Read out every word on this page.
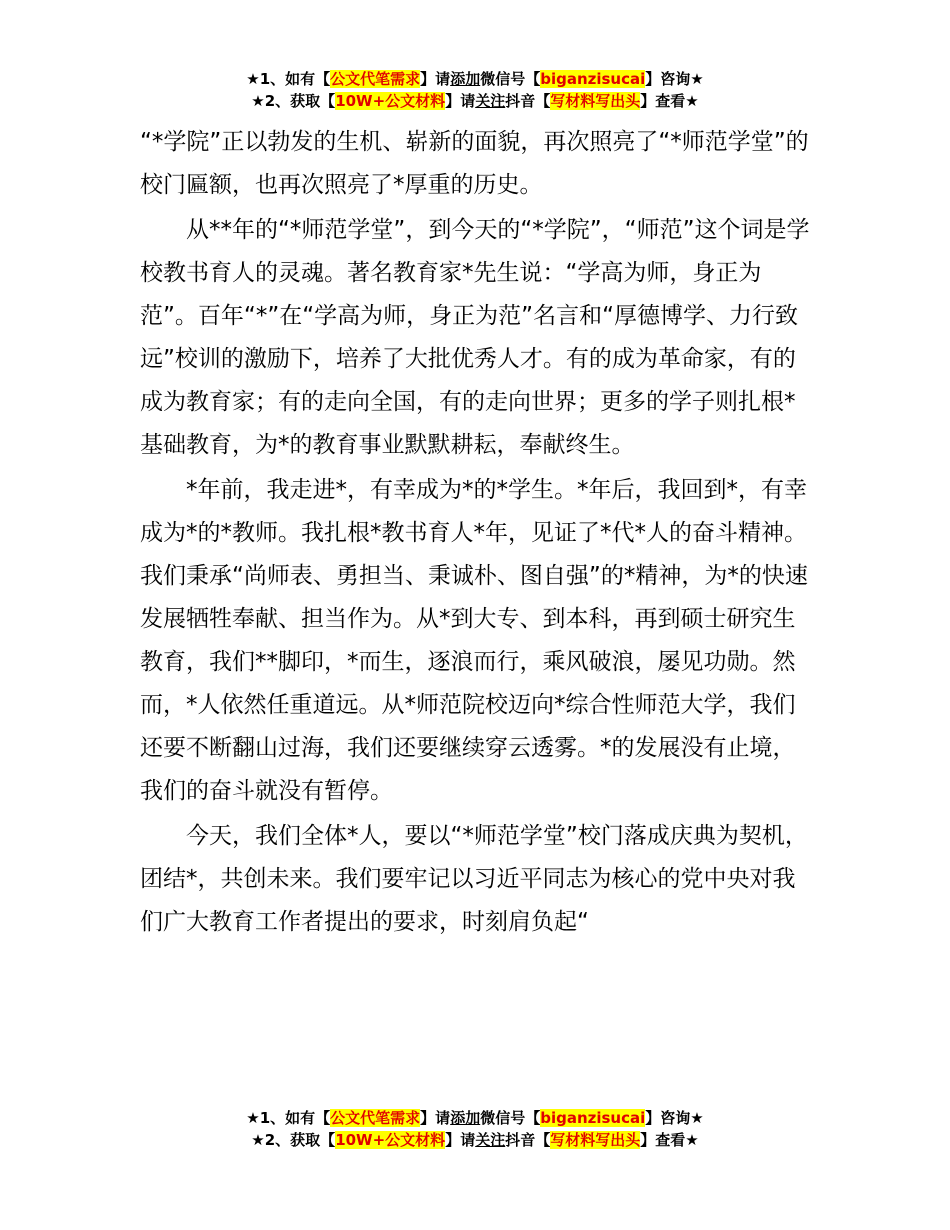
★1、如有【公文代笔需求】请添加微信号【biganzisucai】咨询★
★2、获取【10W+公文材料】请关注抖音【写材料写出头】查看★

“*学院”正以勃发的生机、崭新的面貌，再次照亮了“*师范学堂”的校门匾额，也再次照亮了*厚重的历史。

　　从**年的“*师范学堂”，到今天的“*学院”，“师范”这个词是学校教书育人的灵魂。著名教育家*先生说：“学高为师，身正为范”。百年“*”在“学高为师，身正为范”名言和“厚德博学、力行致远”校训的激励下，培养了大批优秀人才。有的成为革命家，有的成为教育家；有的走向全国，有的走向世界；更多的学子则扎根*基础教育，为*的教育事业默默耕耘，奉献终生。

　　*年前，我走进*，有幸成为*的*学生。*年后，我回到*，有幸成为*的*教师。我扎根*教书育人*年，见证了*代*人的奋斗精神。我们秉承“尚师表、勇担当、秉诚朴、图自强”的*精神，为*的快速发展牺牲奉献、担当作为。从*到大专、到本科，再到硕士研究生教育，我们**脚印，*而生，逐浪而行，乘风破浪，屡见功勋。然而，*人依然任重道远。从*师范院校迈向*综合性师范大学，我们还要不断翻山过海，我们还要继续穿云透雾。*的发展没有止境，我们的奋斗就没有暂停。

　　今天，我们全体*人，要以“*师范学堂”校门落成庆典为契机，团结*，共创未来。我们要牢记以习近平同志为核心的党中央对我们广大教育工作者提出的要求，时刻肩负起“

★1、如有【公文代笔需求】请添加微信号【biganzisucai】咨询★
★2、获取【10W+公文材料】请关注抖音【写材料写出头】查看★
